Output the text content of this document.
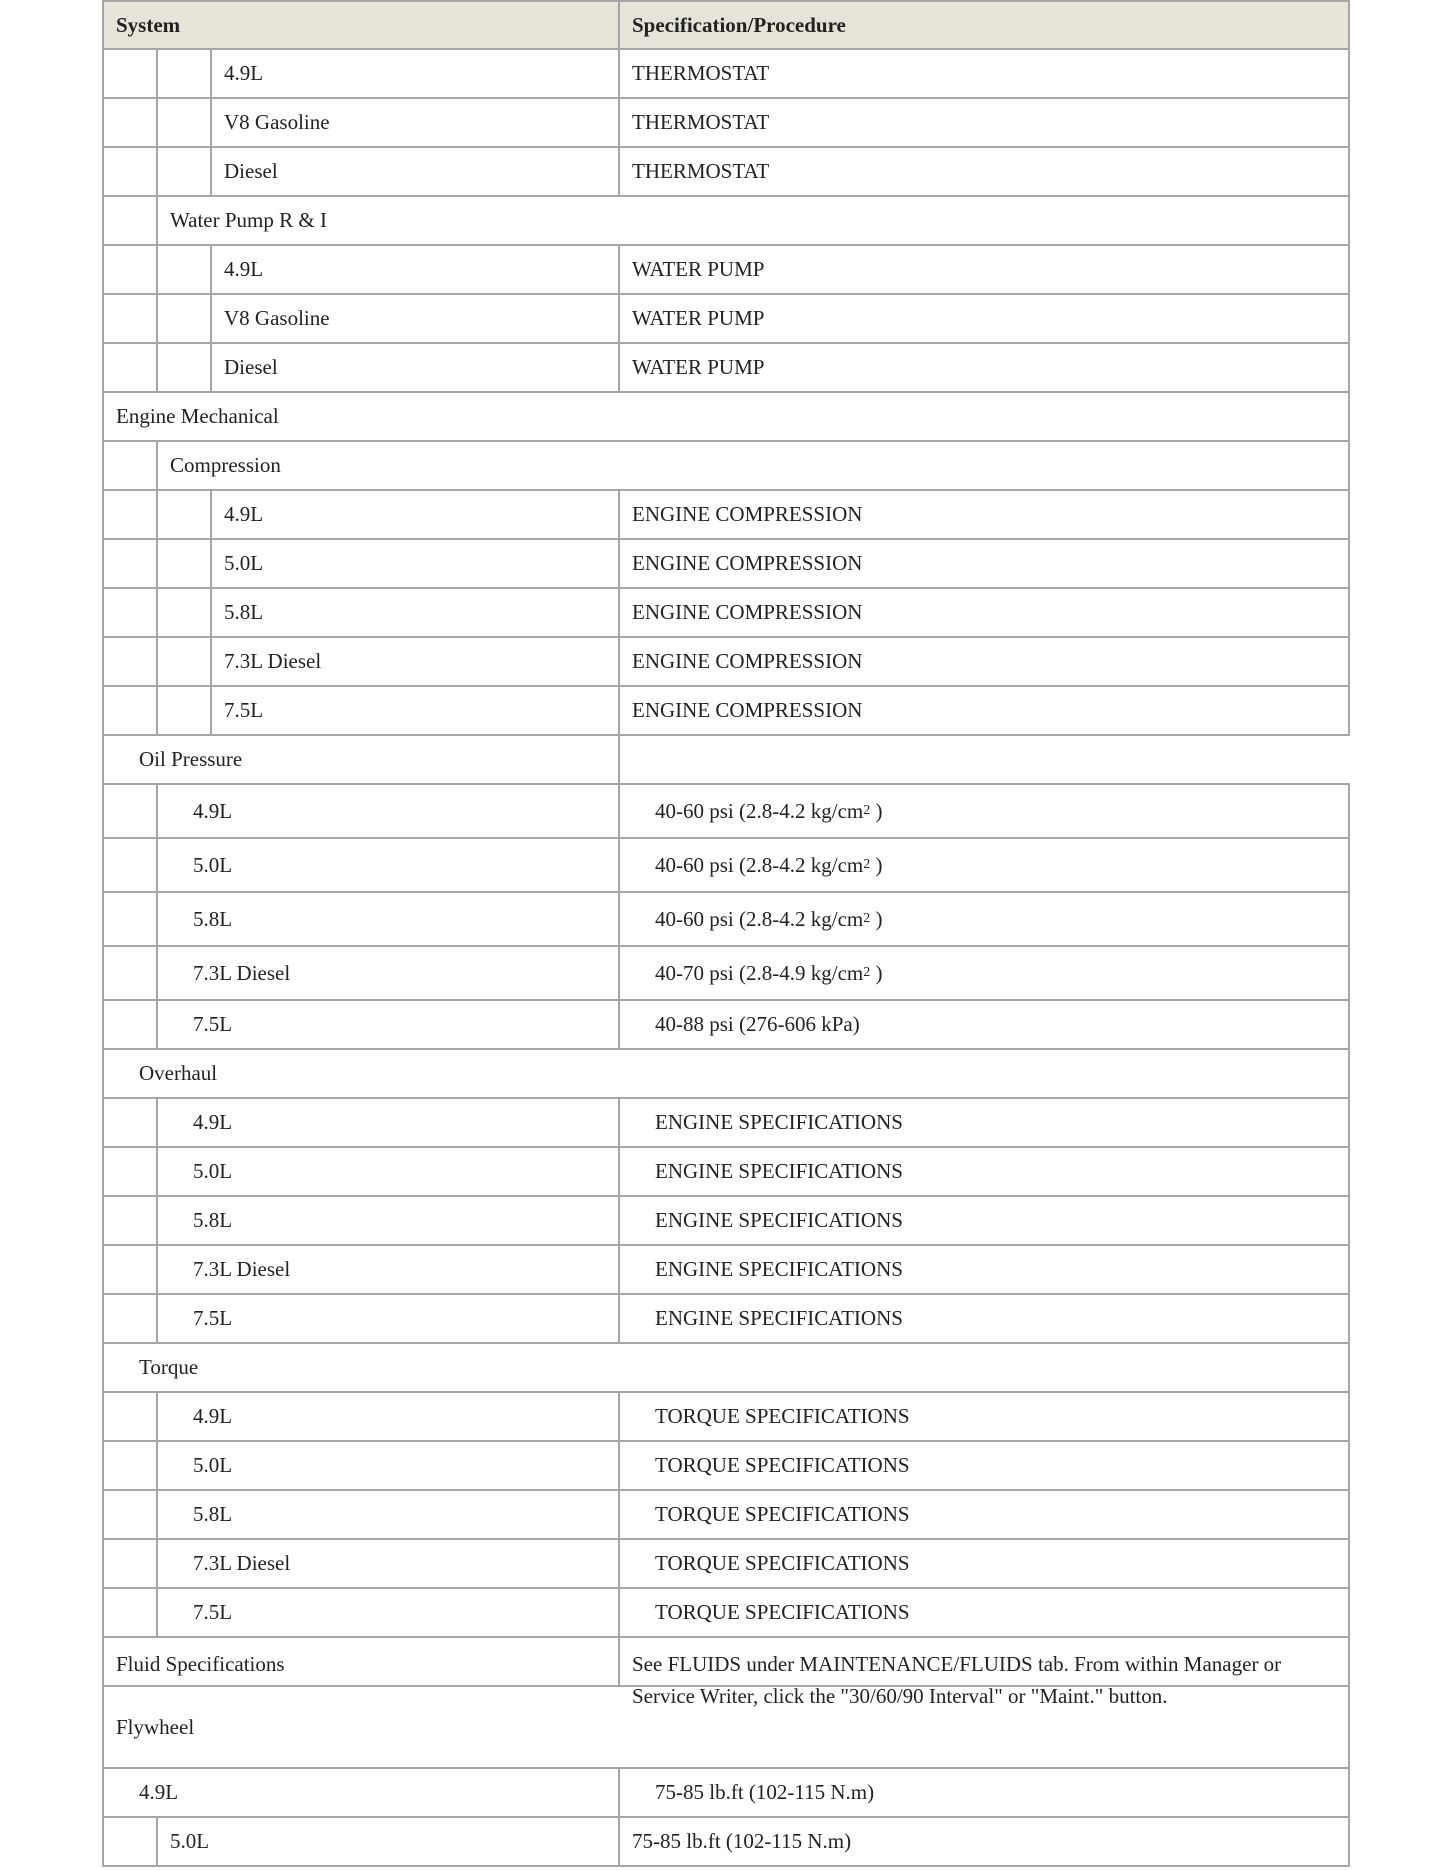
System	Specification/Procedure
4.9L	THERMOSTAT
V8 Gasoline	THERMOSTAT
Diesel	THERMOSTAT
Water Pump R & I
4.9L	WATER PUMP
V8 Gasoline	WATER PUMP
Diesel	WATER PUMP
Engine Mechanical
Compression
4.9L	ENGINE COMPRESSION
5.0L	ENGINE COMPRESSION
5.8L	ENGINE COMPRESSION
7.3L Diesel	ENGINE COMPRESSION
7.5L	ENGINE COMPRESSION
Oil Pressure
4.9L	40-60 psi (2.8-4.2 kg/cm 2 )
5.0L	40-60 psi (2.8-4.2 kg/cm 2 )
5.8L	40-60 psi (2.8-4.2 kg/cm 2 )
7.3L Diesel	40-70 psi (2.8-4.9 kg/cm 2 )
7.5L	40-88 psi (276-606 kPa)
Overhaul
4.9L	ENGINE SPECIFICATIONS
5.0L	ENGINE SPECIFICATIONS
5.8L	ENGINE SPECIFICATIONS
7.3L Diesel	ENGINE SPECIFICATIONS
7.5L	ENGINE SPECIFICATIONS
Torque
4.9L	TORQUE SPECIFICATIONS
5.0L	TORQUE SPECIFICATIONS
5.8L	TORQUE SPECIFICATIONS
7.3L Diesel	TORQUE SPECIFICATIONS
7.5L	TORQUE SPECIFICATIONS
Fluid Specifications	See FLUIDS under MAINTENANCE/FLUIDS tab. From within Manager or Service Writer, click the "30/60/90 Interval" or "Maint." button.
Flywheel
4.9L	75-85 lb.ft (102-115 N.m)
5.0L	75-85 lb.ft (102-115 N.m)
